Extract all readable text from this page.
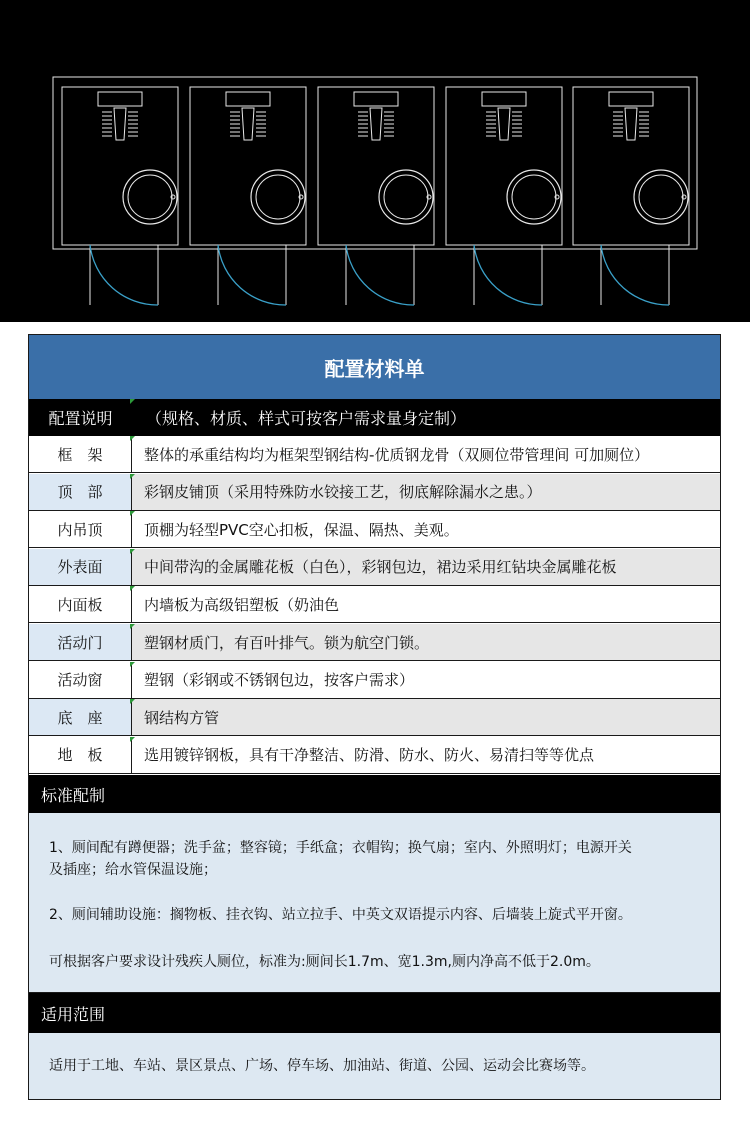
配置材料单
配置说明	（规格、材质、样式可按客户需求量身定制）
框　架	整体的承重结构均为框架型钢结构-优质钢龙骨（双厕位带管理间 可加厕位）
顶　部	彩钢皮铺顶（采用特殊防水铰接工艺，彻底解除漏水之患。）
内吊顶	顶棚为轻型PVC空心扣板，保温、隔热、美观。
外表面	中间带沟的金属雕花板（白色），彩钢包边，裙边采用红钻块金属雕花板
内面板	内墙板为高级铝塑板（奶油色
活动门	塑钢材质门，有百叶排气。锁为航空门锁。
活动窗	塑钢（彩钢或不锈钢包边，按客户需求）
底　座	钢结构方管
地　板	选用镀锌钢板，具有干净整洁、防滑、防水、防火、易清扫等等优点
标准配制

1、厕间配有蹲便器；洗手盆；整容镜；手纸盒；衣帽钩；换气扇；室内、外照明灯；电源开关

及插座；给水管保温设施；

2、厕间辅助设施：搁物板、挂衣钩、站立拉手、中英文双语提示内容、后墙装上旋式平开窗。

可根据客户要求设计残疾人厕位，标准为:厕间长1.7m、宽1.3m,厕内净高不低于2.0m。

适用范围

适用于工地、车站、景区景点、广场、停车场、加油站、街道、公园、运动会比赛场等。
